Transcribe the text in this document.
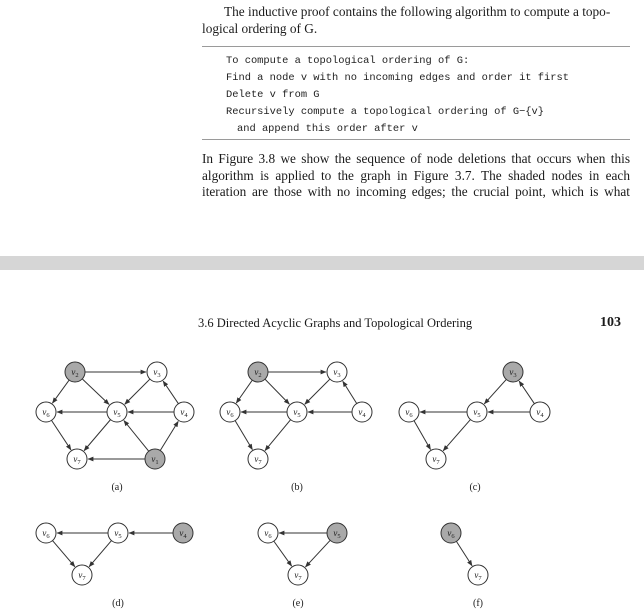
The inductive proof contains the following algorithm to compute a topo-
logical ordering of G.
To compute a topological ordering of G:
Find a node v with no incoming edges and order it first
Delete v from G
Recursively compute a topological ordering of G−{v}
and append this order after v
In Figure 3.8 we show the sequence of node deletions that occurs when this
algorithm is applied to the graph in Figure 3.7. The shaded nodes in each
iteration are those with no incoming edges; the crucial point, which is what
3.6 Directed Acyclic Graphs and Topological Ordering	103
$v_2$	$v_3$
$v_6$	$v_5$	$v_4$
$v_7$	$v_1$
(a)
$v_2$	$v_3$
$v_6$	$v_5$	$v_4$
$v_7$
(b)
$v_3$
$v_6$	$v_5$	$v_4$
$v_7$
(c)
$v_6$	$v_5$	$v_4$
$v_7$
(d)
$v_6$	$v_5$
$v_7$
(e)
$v_6$
$v_7$
(f)
